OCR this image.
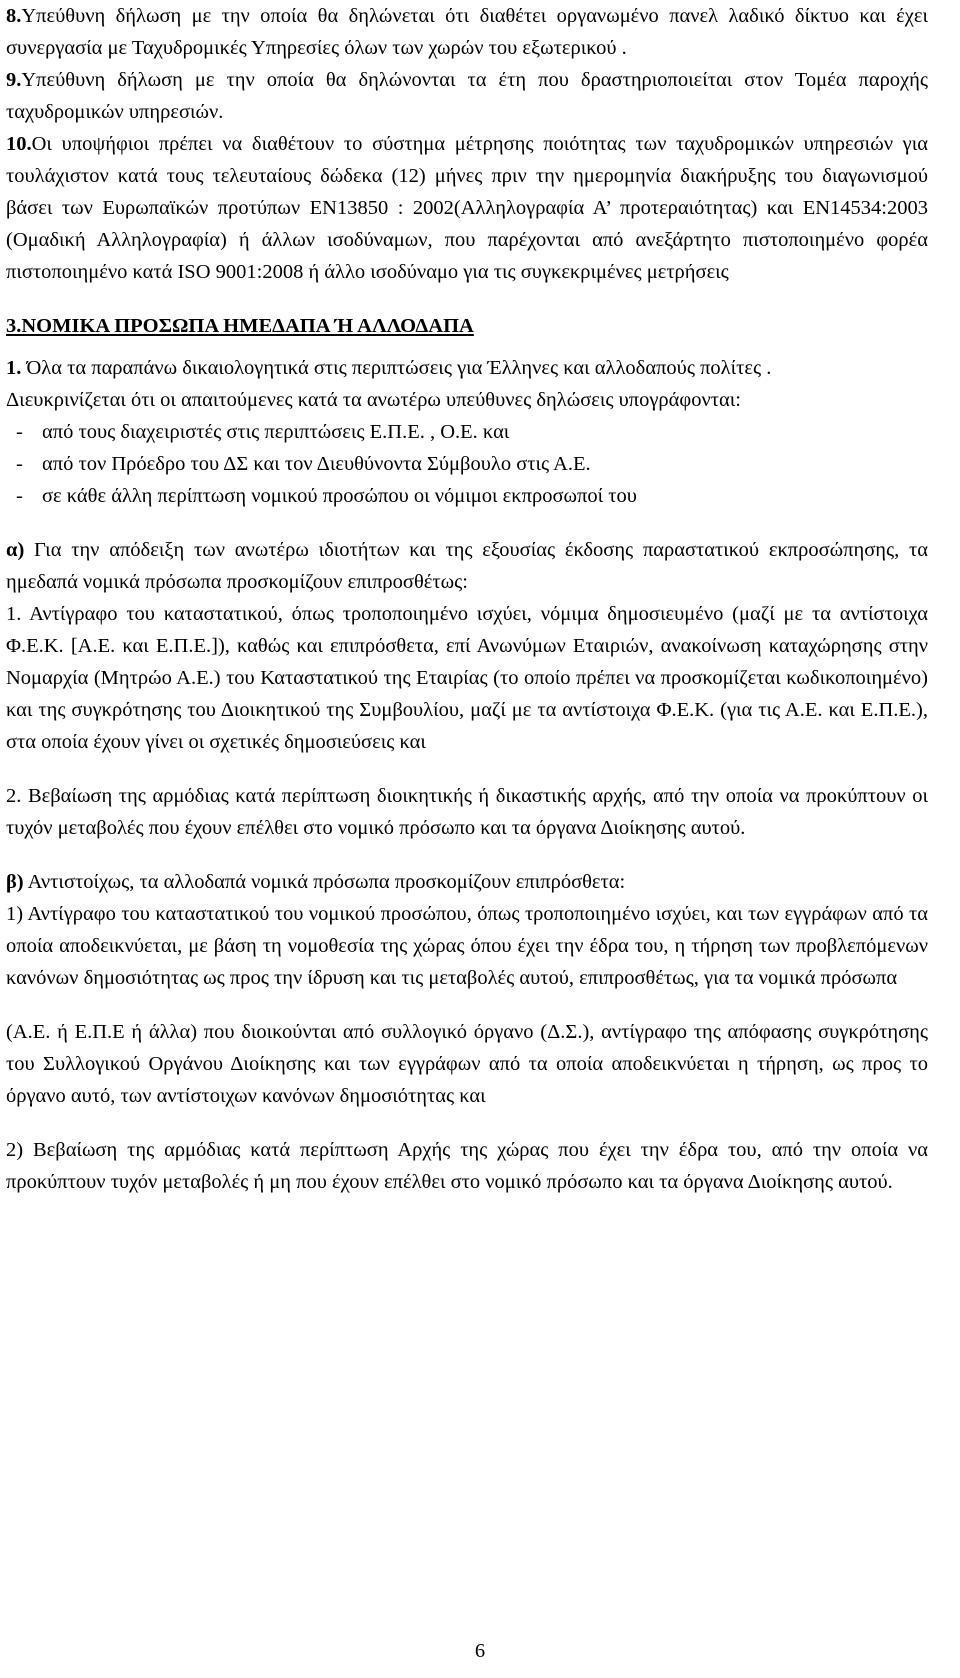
8.Υπεύθυνη δήλωση με την οποία θα δηλώνεται ότι διαθέτει οργανωμένο πανελ λαδικό δίκτυο και έχει συνεργασία με Ταχυδρομικές Υπηρεσίες όλων των χωρών του εξωτερικού .

9.Υπεύθυνη δήλωση με την οποία θα δηλώνονται τα έτη που δραστηριοποιείται στον Τομέα παροχής ταχυδρομικών υπηρεσιών.

10.Οι υποψήφιοι πρέπει να διαθέτουν το σύστημα μέτρησης ποιότητας των ταχυδρομικών υπηρεσιών για τουλάχιστον κατά τους τελευταίους δώδεκα (12) μήνες πριν την ημερομηνία διακήρυξης του διαγωνισμού βάσει των Ευρωπαϊκών προτύπων ΕΝ13850 : 2002(Αλληλογραφία Α’ προτεραιότητας) και ΕΝ14534:2003 (Ομαδική Αλληλογραφία) ή άλλων ισοδύναμων, που παρέχονται από ανεξάρτητο πιστοποιημένο φορέα πιστοποιημένο κατά ISO 9001:2008 ή άλλο ισοδύναμο για τις συγκεκριμένες μετρήσεις

3.ΝΟΜΙΚΑ ΠΡΟΣΩΠΑ ΗΜΕΔΑΠΑ Ή ΑΛΛΟΔΑΠΑ

1. Όλα τα παραπάνω δικαιολογητικά στις περιπτώσεις για Έλληνες και αλλοδαπούς πολίτες .

Διευκρινίζεται ότι οι απαιτούμενες κατά τα ανωτέρω υπεύθυνες δηλώσεις υπογράφονται:

- από τους διαχειριστές στις περιπτώσεις Ε.Π.Ε. , Ο.Ε. και

- από τον Πρόεδρο του ΔΣ και τον Διευθύνοντα Σύμβουλο στις Α.Ε.

- σε κάθε άλλη περίπτωση νομικού προσώπου οι νόμιμοι εκπροσωποί του

α) Για την απόδειξη των ανωτέρω ιδιοτήτων και της εξουσίας έκδοσης παραστατικού εκπροσώπησης, τα ημεδαπά νομικά πρόσωπα προσκομίζουν επιπροσθέτως:

1. Αντίγραφο του καταστατικού, όπως τροποποιημένο ισχύει, νόμιμα δημοσιευμένο (μαζί με τα αντίστοιχα Φ.Ε.Κ. [Α.Ε. και Ε.Π.Ε.]), καθώς και επιπρόσθετα, επί Ανωνύμων Εταιριών, ανακοίνωση καταχώρησης στην Νομαρχία (Μητρώο Α.Ε.) του Καταστατικού της Εταιρίας (το οποίο πρέπει να προσκομίζεται κωδικοποιημένο) και της συγκρότησης του Διοικητικού της Συμβουλίου, μαζί με τα αντίστοιχα Φ.Ε.Κ. (για τις Α.Ε. και Ε.Π.Ε.), στα οποία έχουν γίνει οι σχετικές δημοσιεύσεις και

2. Βεβαίωση της αρμόδιας κατά περίπτωση διοικητικής ή δικαστικής αρχής, από την οποία να προκύπτουν οι τυχόν μεταβολές που έχουν επέλθει στο νομικό πρόσωπο και τα όργανα Διοίκησης αυτού.

β) Αντιστοίχως, τα αλλοδαπά νομικά πρόσωπα προσκομίζουν επιπρόσθετα:

1) Αντίγραφο του καταστατικού του νομικού προσώπου, όπως τροποποιημένο ισχύει, και των εγγράφων από τα οποία αποδεικνύεται, με βάση τη νομοθεσία της χώρας όπου έχει την έδρα του, η τήρηση των προβλεπόμενων κανόνων δημοσιότητας ως προς την ίδρυση και τις μεταβολές αυτού, επιπροσθέτως, για τα νομικά πρόσωπα

(Α.Ε. ή Ε.Π.Ε ή άλλα) που διοικούνται από συλλογικό όργανο (Δ.Σ.), αντίγραφο της απόφασης συγκρότησης του Συλλογικού Οργάνου Διοίκησης και των εγγράφων από τα οποία αποδεικνύεται η τήρηση, ως προς το όργανο αυτό, των αντίστοιχων κανόνων δημοσιότητας και

2) Βεβαίωση της αρμόδιας κατά περίπτωση Αρχής της χώρας που έχει την έδρα του, από την οποία να προκύπτουν τυχόν μεταβολές ή μη που έχουν επέλθει στο νομικό πρόσωπο και τα όργανα Διοίκησης αυτού.

6
